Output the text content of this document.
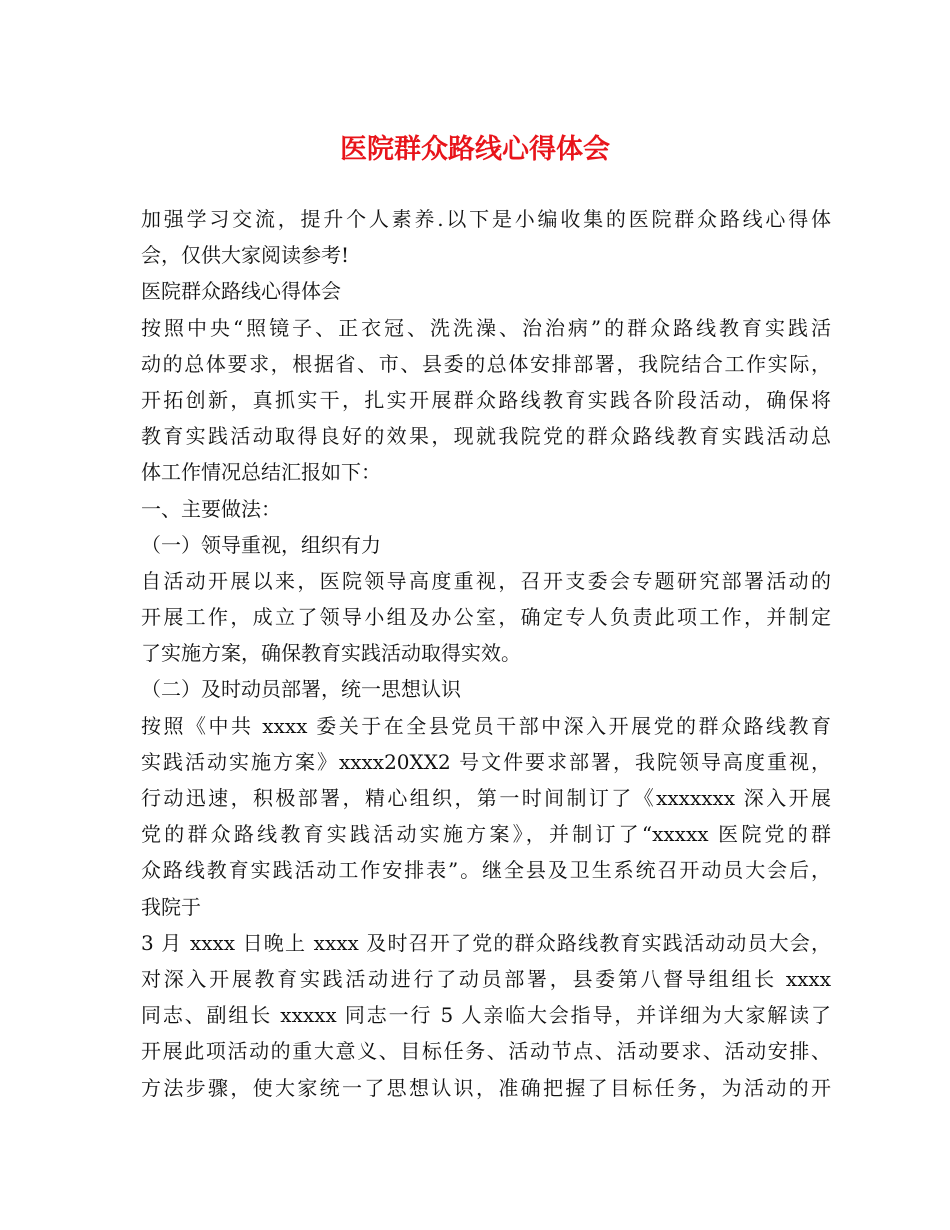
医院群众路线心得体会
加强学习交流，提升个人素养.以下是小编收集的医院群众路线心得体
会，仅供大家阅读参考!
医院群众路线心得体会
按照中央“照镜子、正衣冠、洗洗澡、治治病”的群众路线教育实践活
动的总体要求，根据省、市、县委的总体安排部署，我院结合工作实际，
开拓创新，真抓实干，扎实开展群众路线教育实践各阶段活动，确保将
教育实践活动取得良好的效果，现就我院党的群众路线教育实践活动总
体工作情况总结汇报如下：
一、主要做法：
（一）领导重视，组织有力
自活动开展以来，医院领导高度重视，召开支委会专题研究部署活动的
开展工作，成立了领导小组及办公室，确定专人负责此项工作，并制定
了实施方案，确保教育实践活动取得实效。
（二）及时动员部署，统一思想认识
按照《中共 xxxx 委关于在全县党员干部中深入开展党的群众路线教育
实践活动实施方案》xxxx20XX2 号文件要求部署，我院领导高度重视，
行动迅速，积极部署，精心组织，第一时间制订了《xxxxxxx 深入开展
党的群众路线教育实践活动实施方案》，并制订了“xxxxx 医院党的群
众路线教育实践活动工作安排表”。继全县及卫生系统召开动员大会后，
我院于
3 月 xxxx 日晚上 xxxx 及时召开了党的群众路线教育实践活动动员大会，
对深入开展教育实践活动进行了动员部署，县委第八督导组组长 xxxx
同志、副组长 xxxxx 同志一行 5 人亲临大会指导，并详细为大家解读了
开展此项活动的重大意义、目标任务、活动节点、活动要求、活动安排、
方法步骤，使大家统一了思想认识，准确把握了目标任务，为活动的开
